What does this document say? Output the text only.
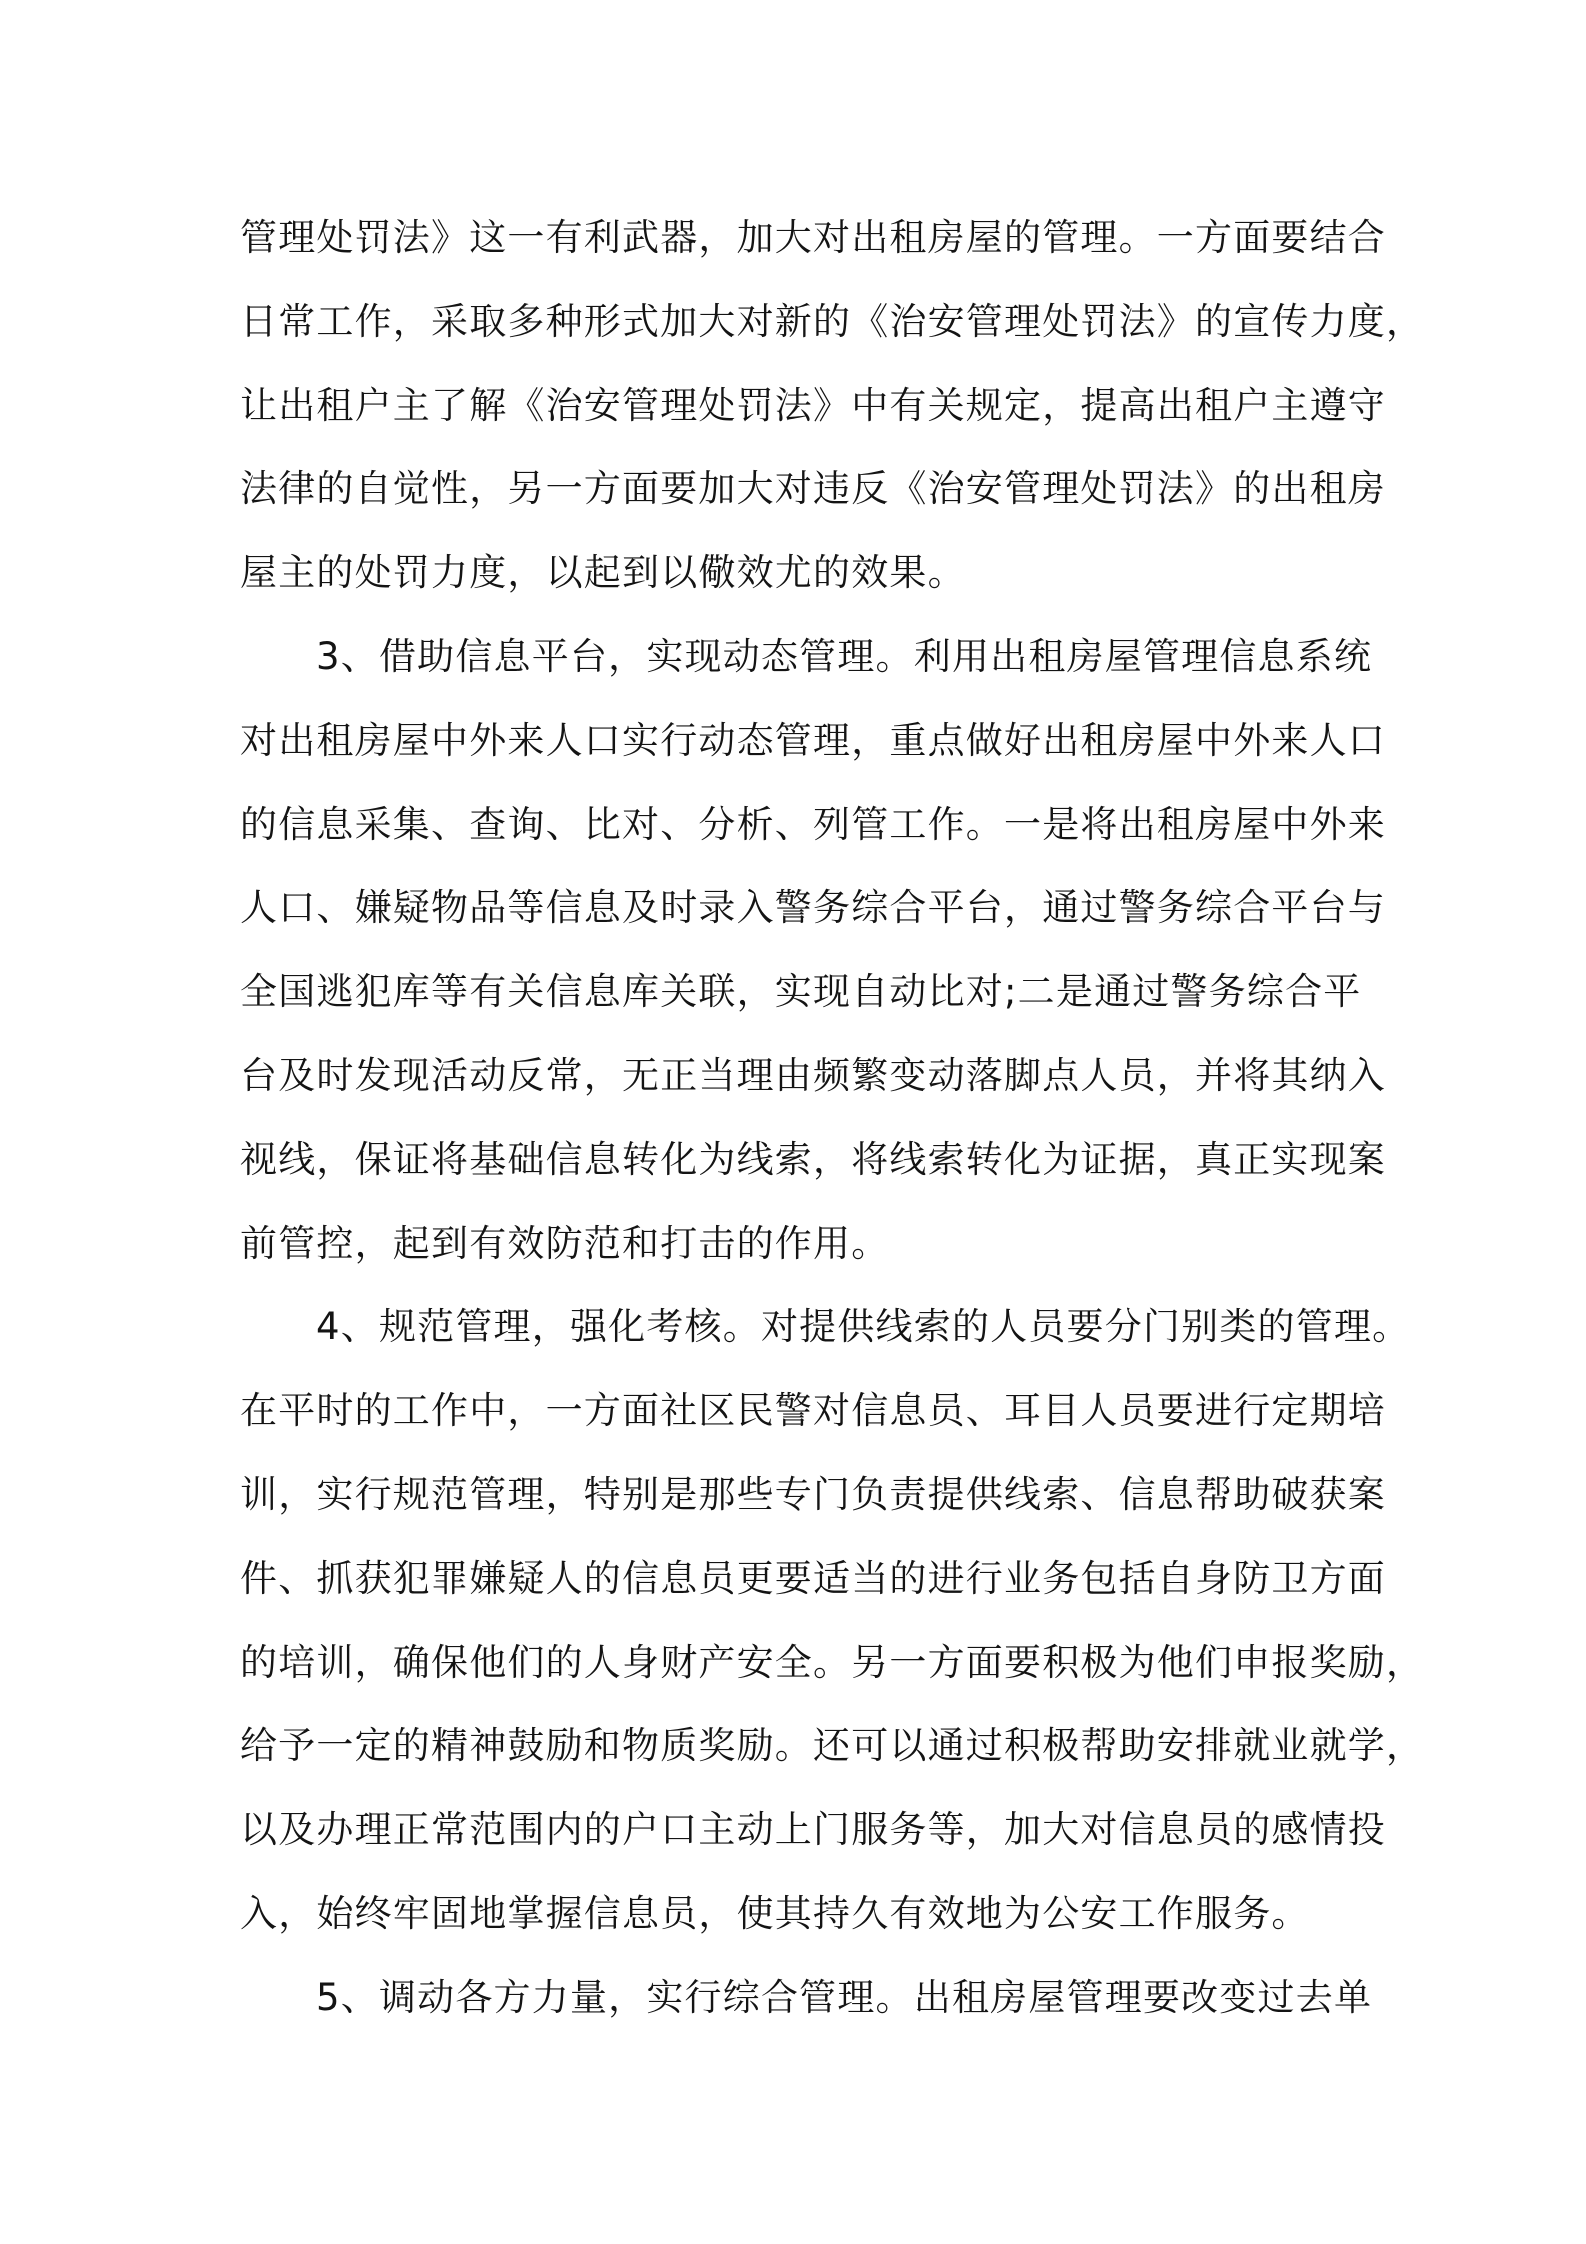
管理处罚法》这一有利武器，加大对出租房屋的管理。一方面要结合
日常工作，采取多种形式加大对新的《治安管理处罚法》的宣传力度，
让出租户主了解《治安管理处罚法》中有关规定，提高出租户主遵守
法律的自觉性，另一方面要加大对违反《治安管理处罚法》的出租房
屋主的处罚力度，以起到以儆效尤的效果。
3、借助信息平台，实现动态管理。利用出租房屋管理信息系统
对出租房屋中外来人口实行动态管理，重点做好出租房屋中外来人口
的信息采集、查询、比对、分析、列管工作。一是将出租房屋中外来
人口、嫌疑物品等信息及时录入警务综合平台，通过警务综合平台与
全国逃犯库等有关信息库关联，实现自动比对;二是通过警务综合平
台及时发现活动反常，无正当理由频繁变动落脚点人员，并将其纳入
视线，保证将基础信息转化为线索，将线索转化为证据，真正实现案
前管控，起到有效防范和打击的作用。
4、规范管理，强化考核。对提供线索的人员要分门别类的管理。
在平时的工作中，一方面社区民警对信息员、耳目人员要进行定期培
训，实行规范管理，特别是那些专门负责提供线索、信息帮助破获案
件、抓获犯罪嫌疑人的信息员更要适当的进行业务包括自身防卫方面
的培训，确保他们的人身财产安全。另一方面要积极为他们申报奖励，
给予一定的精神鼓励和物质奖励。还可以通过积极帮助安排就业就学，
以及办理正常范围内的户口主动上门服务等，加大对信息员的感情投
入，始终牢固地掌握信息员，使其持久有效地为公安工作服务。
5、调动各方力量，实行综合管理。出租房屋管理要改变过去单
